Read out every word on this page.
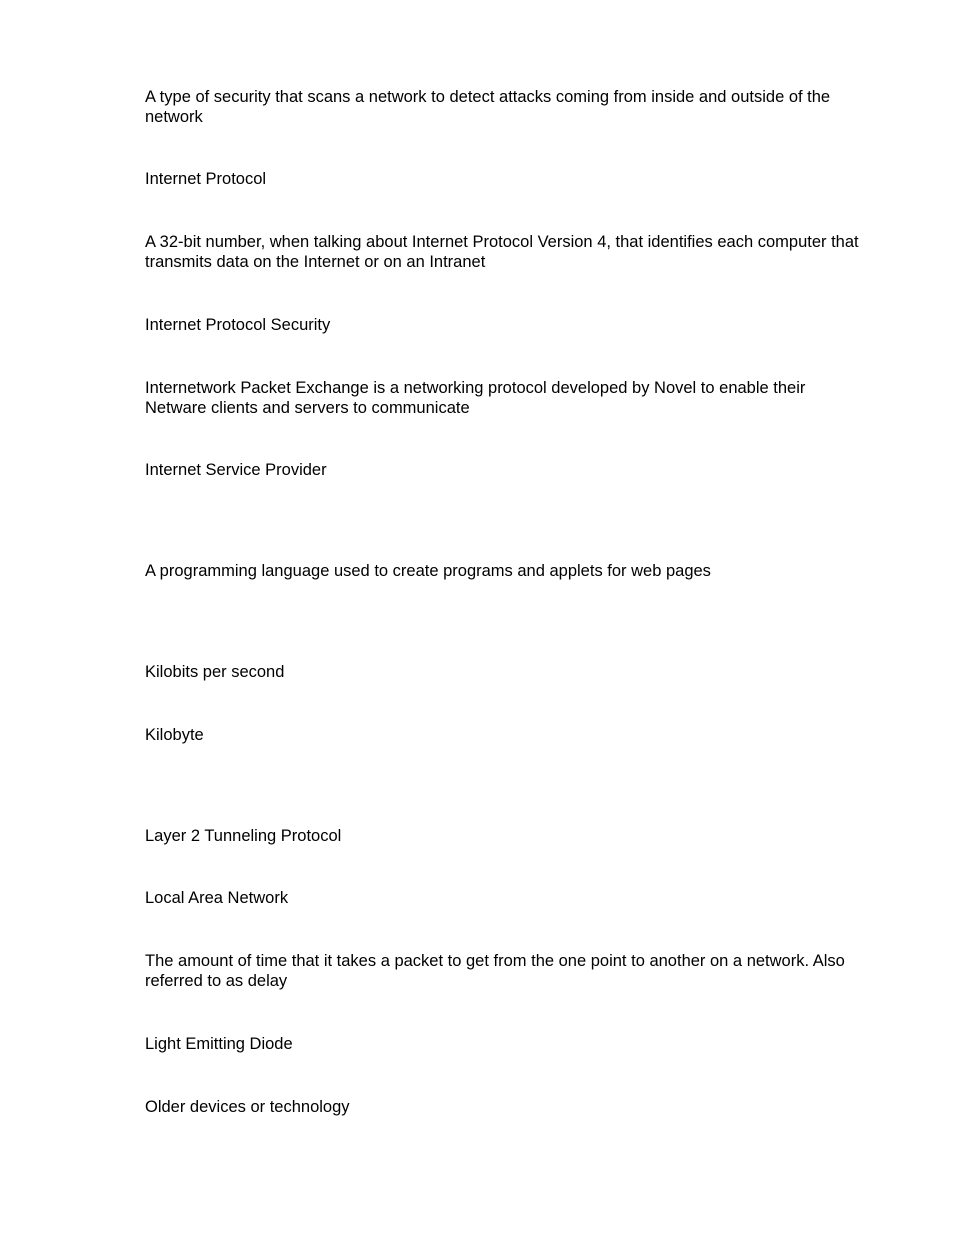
A type of security that scans a network to detect attacks coming from inside and outside of the network

Internet Protocol

A 32-bit number, when talking about Internet Protocol Version 4, that identifies each computer that transmits data on the Internet or on an Intranet

Internet Protocol Security

Internetwork Packet Exchange is a networking protocol developed by Novel to enable their Netware clients and servers to communicate

Internet Service Provider

A programming language used to create programs and applets for web pages

Kilobits per second

Kilobyte

Layer 2 Tunneling Protocol

Local Area Network

The amount of time that it takes a packet to get from the one point to another on a network. Also referred to as delay

Light Emitting Diode

Older devices or technology
